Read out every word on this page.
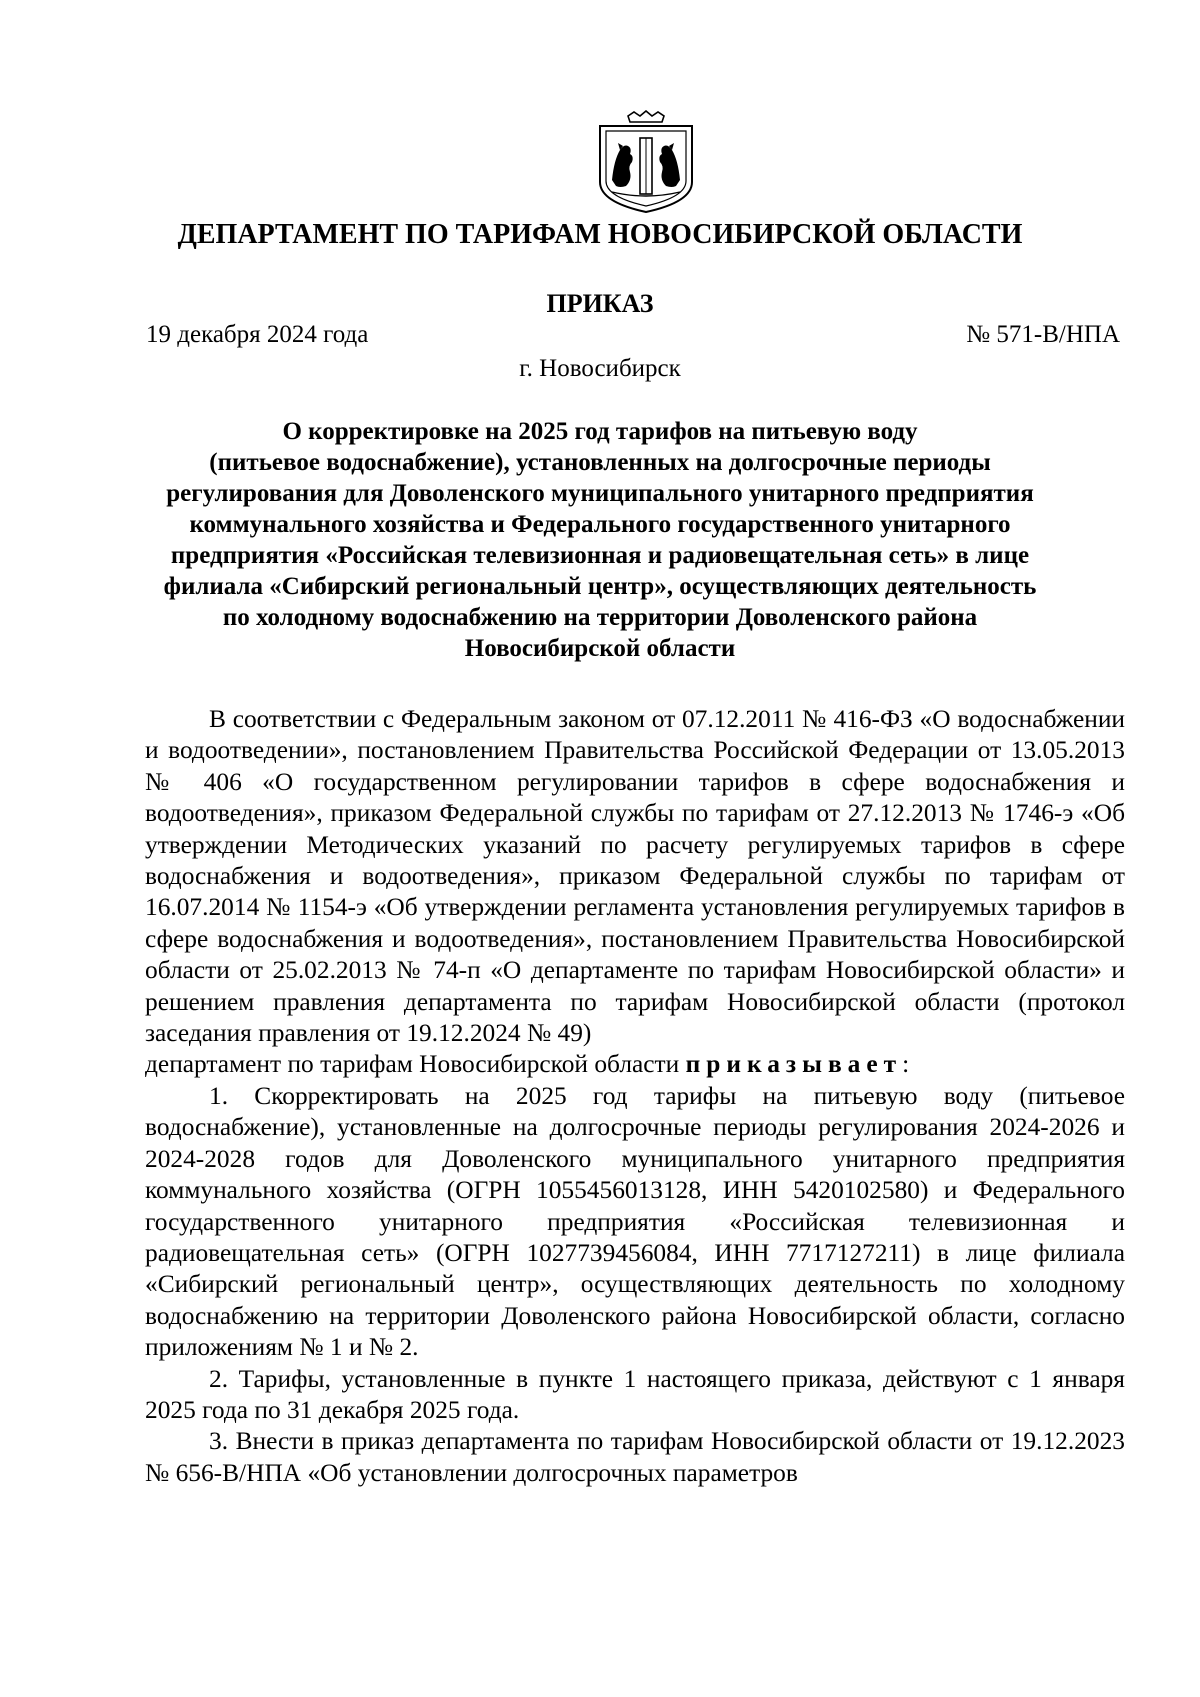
ДЕПАРТАМЕНТ ПО ТАРИФАМ НОВОСИБИРСКОЙ ОБЛАСТИ
ПРИКАЗ
19 декабря 2024 года	№ 571-В/НПА
г. Новосибирск
О корректировке на 2025 год тарифов на питьевую воду
(питьевое водоснабжение), установленных на долгосрочные периоды
регулирования для Доволенского муниципального унитарного предприятия
коммунального хозяйства и Федерального государственного унитарного
предприятия «Российская телевизионная и радиовещательная сеть» в лице
филиала «Сибирский региональный центр», осуществляющих деятельность
по холодному водоснабжению на территории Доволенского района
Новосибирской области

В соответствии с Федеральным законом от 07.12.2011 № 416-ФЗ «О водоснабжении и водоотведении», постановлением Правительства Российской Федерации от 13.05.2013 № 406 «О государственном регулировании тарифов в сфере водоснабжения и водоотведения», приказом Федеральной службы по тарифам от 27.12.2013 № 1746-э «Об утверждении Методических указаний по расчету регулируемых тарифов в сфере водоснабжения и водоотведения», приказом Федеральной службы по тарифам от 16.07.2014 № 1154-э «Об утверждении регламента установления регулируемых тарифов в сфере водоснабжения и водоотведения», постановлением Правительства Новосибирской области от 25.02.2013 № 74-п «О департаменте по тарифам Новосибирской области» и решением правления департамента по тарифам Новосибирской области (протокол заседания правления от 19.12.2024 № 49)

департамент по тарифам Новосибирской области приказывает:

1. Скорректировать на 2025 год тарифы на питьевую воду (питьевое водоснабжение), установленные на долгосрочные периоды регулирования 2024-2026 и 2024-2028 годов для Доволенского муниципального унитарного предприятия коммунального хозяйства (ОГРН 1055456013128, ИНН 5420102580) и Федерального государственного унитарного предприятия «Российская телевизионная и радиовещательная сеть» (ОГРН 1027739456084, ИНН 7717127211) в лице филиала «Сибирский региональный центр», осуществляющих деятельность по холодному водоснабжению на территории Доволенского района Новосибирской области, согласно приложениям № 1 и № 2.

2. Тарифы, установленные в пункте 1 настоящего приказа, действуют с 1 января 2025 года по 31 декабря 2025 года.

3. Внести в приказ департамента по тарифам Новосибирской области от 19.12.2023 № 656-В/НПА «Об установлении долгосрочных параметров
